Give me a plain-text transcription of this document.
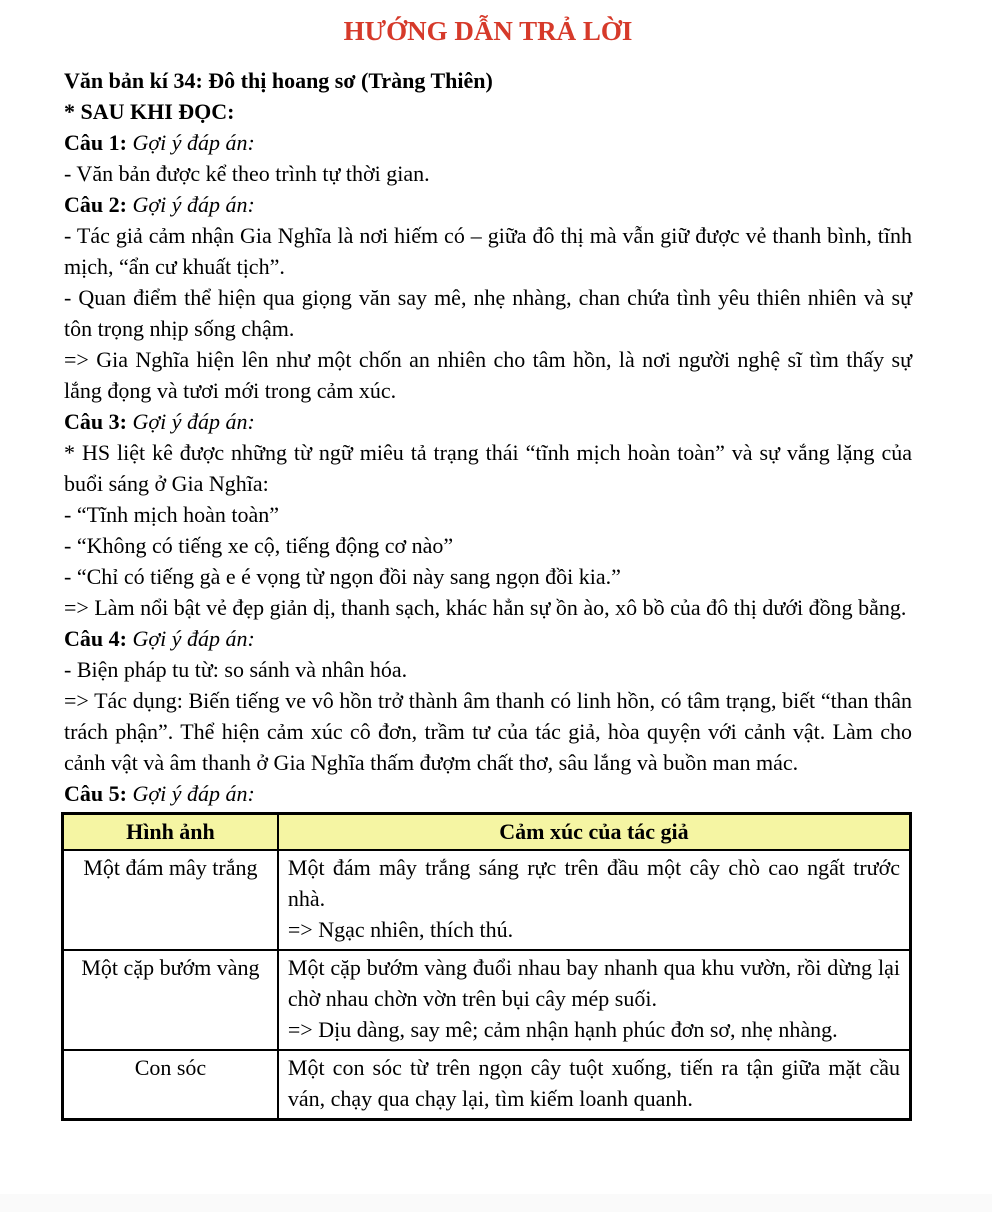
HƯỚNG DẪN TRẢ LỜI

Văn bản kí 34: Đô thị hoang sơ (Tràng Thiên)

* SAU KHI ĐỌC:

Câu 1: Gợi ý đáp án:

- Văn bản được kể theo trình tự thời gian.

Câu 2: Gợi ý đáp án:

- Tác giả cảm nhận Gia Nghĩa là nơi hiếm có – giữa đô thị mà vẫn giữ được vẻ thanh bình, tĩnh mịch, “ẩn cư khuất tịch”.

- Quan điểm thể hiện qua giọng văn say mê, nhẹ nhàng, chan chứa tình yêu thiên nhiên và sự tôn trọng nhịp sống chậm.

=> Gia Nghĩa hiện lên như một chốn an nhiên cho tâm hồn, là nơi người nghệ sĩ tìm thấy sự lắng đọng và tươi mới trong cảm xúc.

Câu 3: Gợi ý đáp án:

* HS liệt kê được những từ ngữ miêu tả trạng thái “tĩnh mịch hoàn toàn” và sự vắng lặng của buổi sáng ở Gia Nghĩa:

- “Tĩnh mịch hoàn toàn”

- “Không có tiếng xe cộ, tiếng động cơ nào”

- “Chỉ có tiếng gà e é vọng từ ngọn đồi này sang ngọn đồi kia.”

=> Làm nổi bật vẻ đẹp giản dị, thanh sạch, khác hẳn sự ồn ào, xô bồ của đô thị dưới đồng bằng.

Câu 4: Gợi ý đáp án:

- Biện pháp tu từ: so sánh và nhân hóa.

=> Tác dụng: Biến tiếng ve vô hồn trở thành âm thanh có linh hồn, có tâm trạng, biết “than thân trách phận”. Thể hiện cảm xúc cô đơn, trầm tư của tác giả, hòa quyện với cảnh vật. Làm cho cảnh vật và âm thanh ở Gia Nghĩa thấm đượm chất thơ, sâu lắng và buồn man mác.

Câu 5: Gợi ý đáp án:

Hình ảnh	Cảm xúc của tác giả
Một đám mây trắng	Một đám mây trắng sáng rực trên đầu một cây chò cao ngất trước nhà.

=> Ngạc nhiên, thích thú.

Một cặp bướm vàng	Một cặp bướm vàng đuổi nhau bay nhanh qua khu vườn, rồi dừng lại chờ nhau chờn vờn trên bụi cây mép suối.

=> Dịu dàng, say mê; cảm nhận hạnh phúc đơn sơ, nhẹ nhàng.

Con sóc	Một con sóc từ trên ngọn cây tuột xuống, tiến ra tận giữa mặt cầu ván, chạy qua chạy lại, tìm kiếm loanh quanh.
